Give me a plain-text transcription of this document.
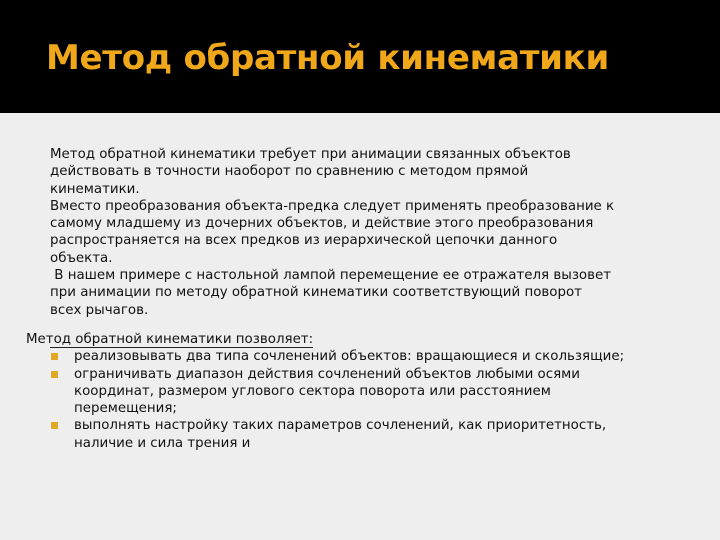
Метод обратной кинематики

Метод обратной кинематики требует при анимации связанных объектов
действовать в точности наоборот по сравнению с методом прямой
кинематики.

Вместо преобразования объекта-предка следует применять преобразование к
самому младшему из дочерних объектов, и действие этого преобразования
распространяется на всех предков из иерархической цепочки данного
объекта.

В нашем примере с настольной лампой перемещение ее отражателя вызовет
при анимации по методу обратной кинематики соответствующий поворот
всех рычагов.

Метод обратной кинематики позволяет:

реализовывать два типа сочленений объектов: вращающиеся и скользящие;
ограничивать диапазон действия сочленений объектов любыми осями
координат, размером углового сектора поворота или расстоянием
перемещения;
выполнять настройку таких параметров сочленений, как приоритетность,
наличие и сила трения и
